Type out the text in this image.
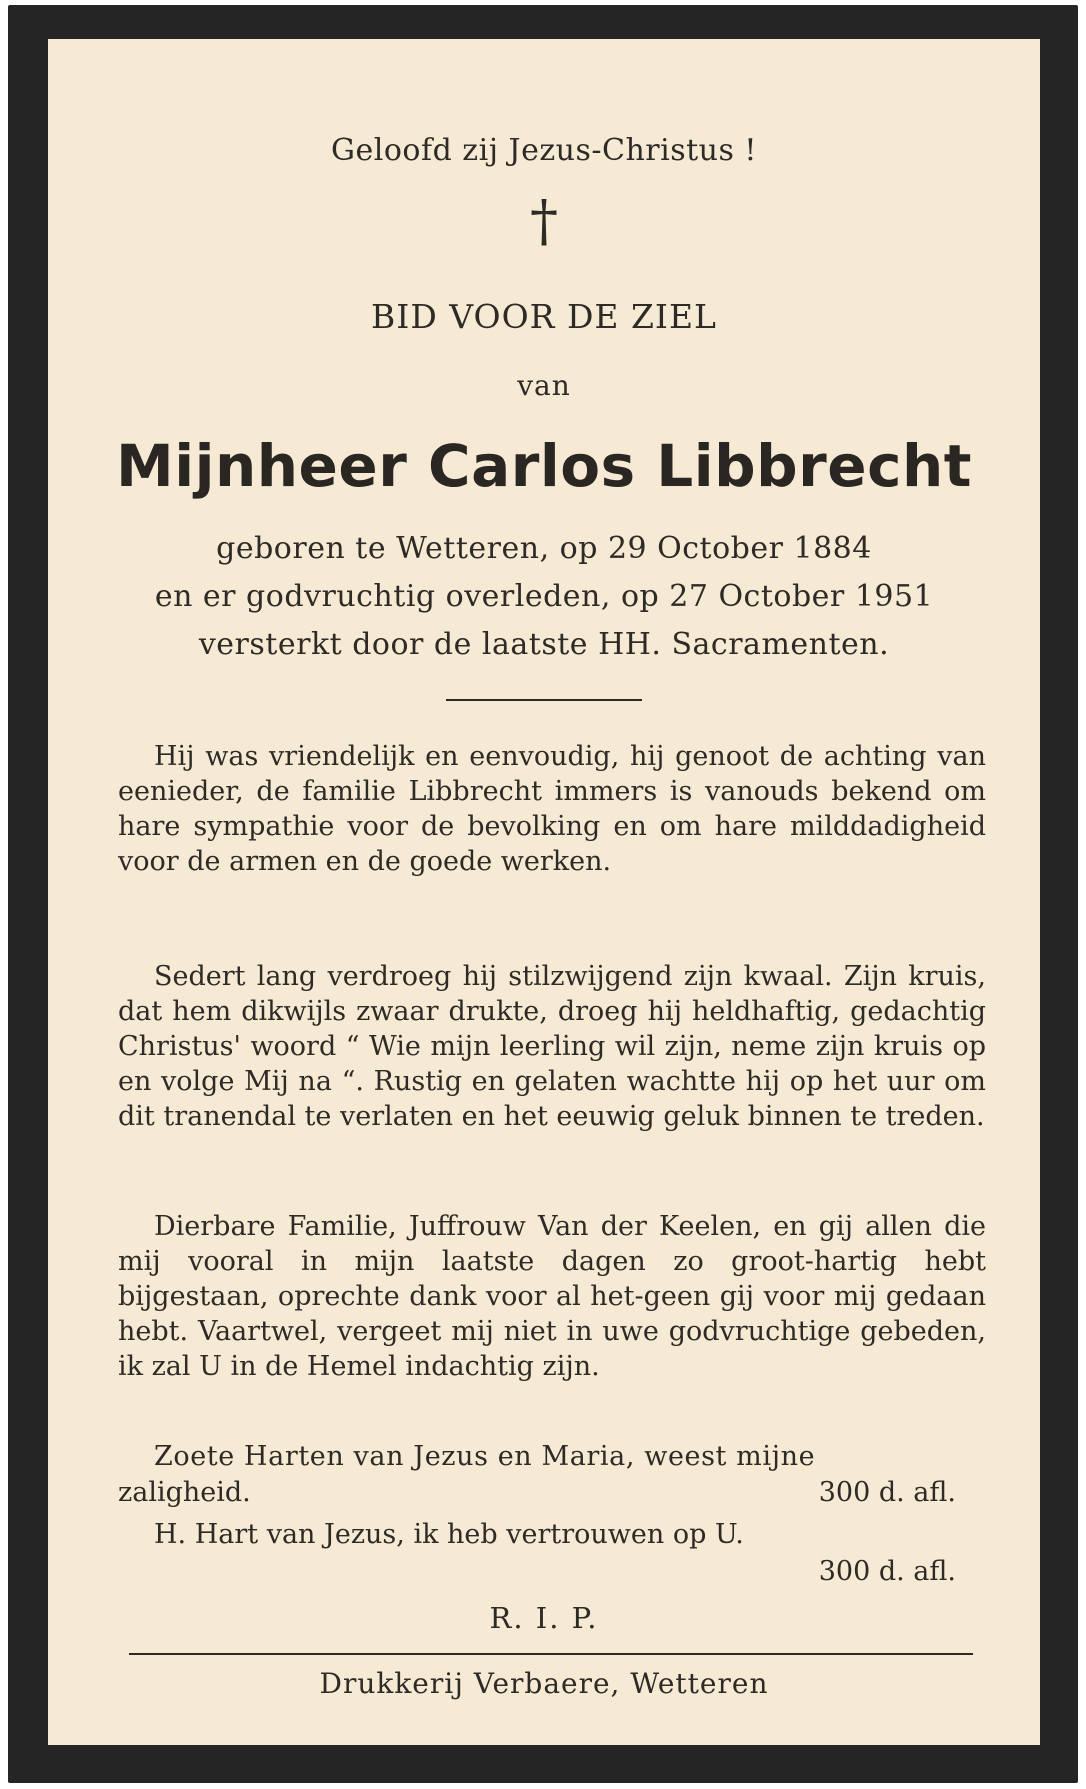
Geloofd zij Jezus-Christus !
†
BID VOOR DE ZIEL
van
Mijnheer Carlos Libbrecht
geboren te Wetteren, op 29 October 1884
en er godvruchtig overleden, op 27 October 1951
versterkt door de laatste HH. Sacramenten.
Hij was vriendelijk en eenvoudig, hij genoot de achting van eenieder, de familie Libbrecht immers is vanouds bekend om hare sympathie voor de bevolking en om hare milddadigheid voor de armen en de goede werken.
Sedert lang verdroeg hij stilzwijgend zijn kwaal. Zijn kruis, dat hem dikwijls zwaar drukte, droeg hij heldhaftig, gedachtig Christus' woord “ Wie mijn leerling wil zijn, neme zijn kruis op en volge Mij na “. Rustig en gelaten wachtte hij op het uur om dit tranendal te verlaten en het eeuwig geluk binnen te treden.
Dierbare Familie, Juffrouw Van der Keelen, en gij allen die mij vooral in mijn laatste dagen zo groot-hartig hebt bijgestaan, oprechte dank voor al het-geen gij voor mij gedaan hebt. Vaartwel, vergeet mij niet in uwe godvruchtige gebeden, ik zal U in de Hemel indachtig zijn.
Zoete Harten van Jezus en Maria, weest mijne
zaligheid.	300 d. afl.
H. Hart van Jezus, ik heb vertrouwen op U.
300 d. afl.
R. I. P.
Drukkerij Verbaere, Wetteren
